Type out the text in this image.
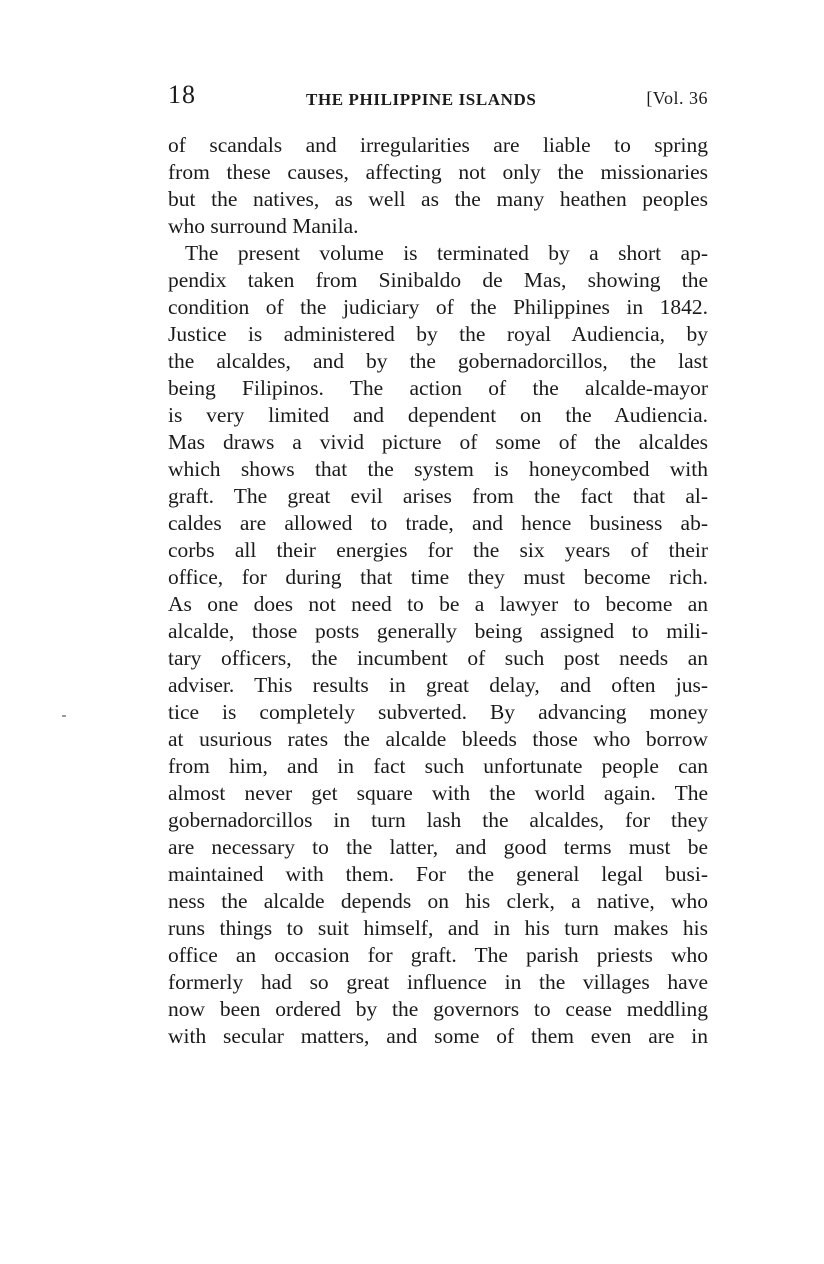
18	THE PHILIPPINE ISLANDS	[Vol. 36
of scandals and irregularities are liable to spring
from these causes, affecting not only the missionaries
but the natives, as well as the many heathen peoples
who surround Manila.
The present volume is terminated by a short ap-
pendix taken from Sinibaldo de Mas, showing the
condition of the judiciary of the Philippines in 1842.
Justice is administered by the royal Audiencia, by
the alcaldes, and by the gobernadorcillos, the last
being Filipinos. The action of the alcalde-mayor
is very limited and dependent on the Audiencia.
Mas draws a vivid picture of some of the alcaldes
which shows that the system is honeycombed with
graft. The great evil arises from the fact that al-
caldes are allowed to trade, and hence business ab-
corbs all their energies for the six years of their
office, for during that time they must become rich.
As one does not need to be a lawyer to become an
alcalde, those posts generally being assigned to mili-
tary officers, the incumbent of such post needs an
adviser. This results in great delay, and often jus-
tice is completely subverted. By advancing money
at usurious rates the alcalde bleeds those who borrow
from him, and in fact such unfortunate people can
almost never get square with the world again. The
gobernadorcillos in turn lash the alcaldes, for they
are necessary to the latter, and good terms must be
maintained with them. For the general legal busi-
ness the alcalde depends on his clerk, a native, who
runs things to suit himself, and in his turn makes his
office an occasion for graft. The parish priests who
formerly had so great influence in the villages have
now been ordered by the governors to cease meddling
with secular matters, and some of them even are in
